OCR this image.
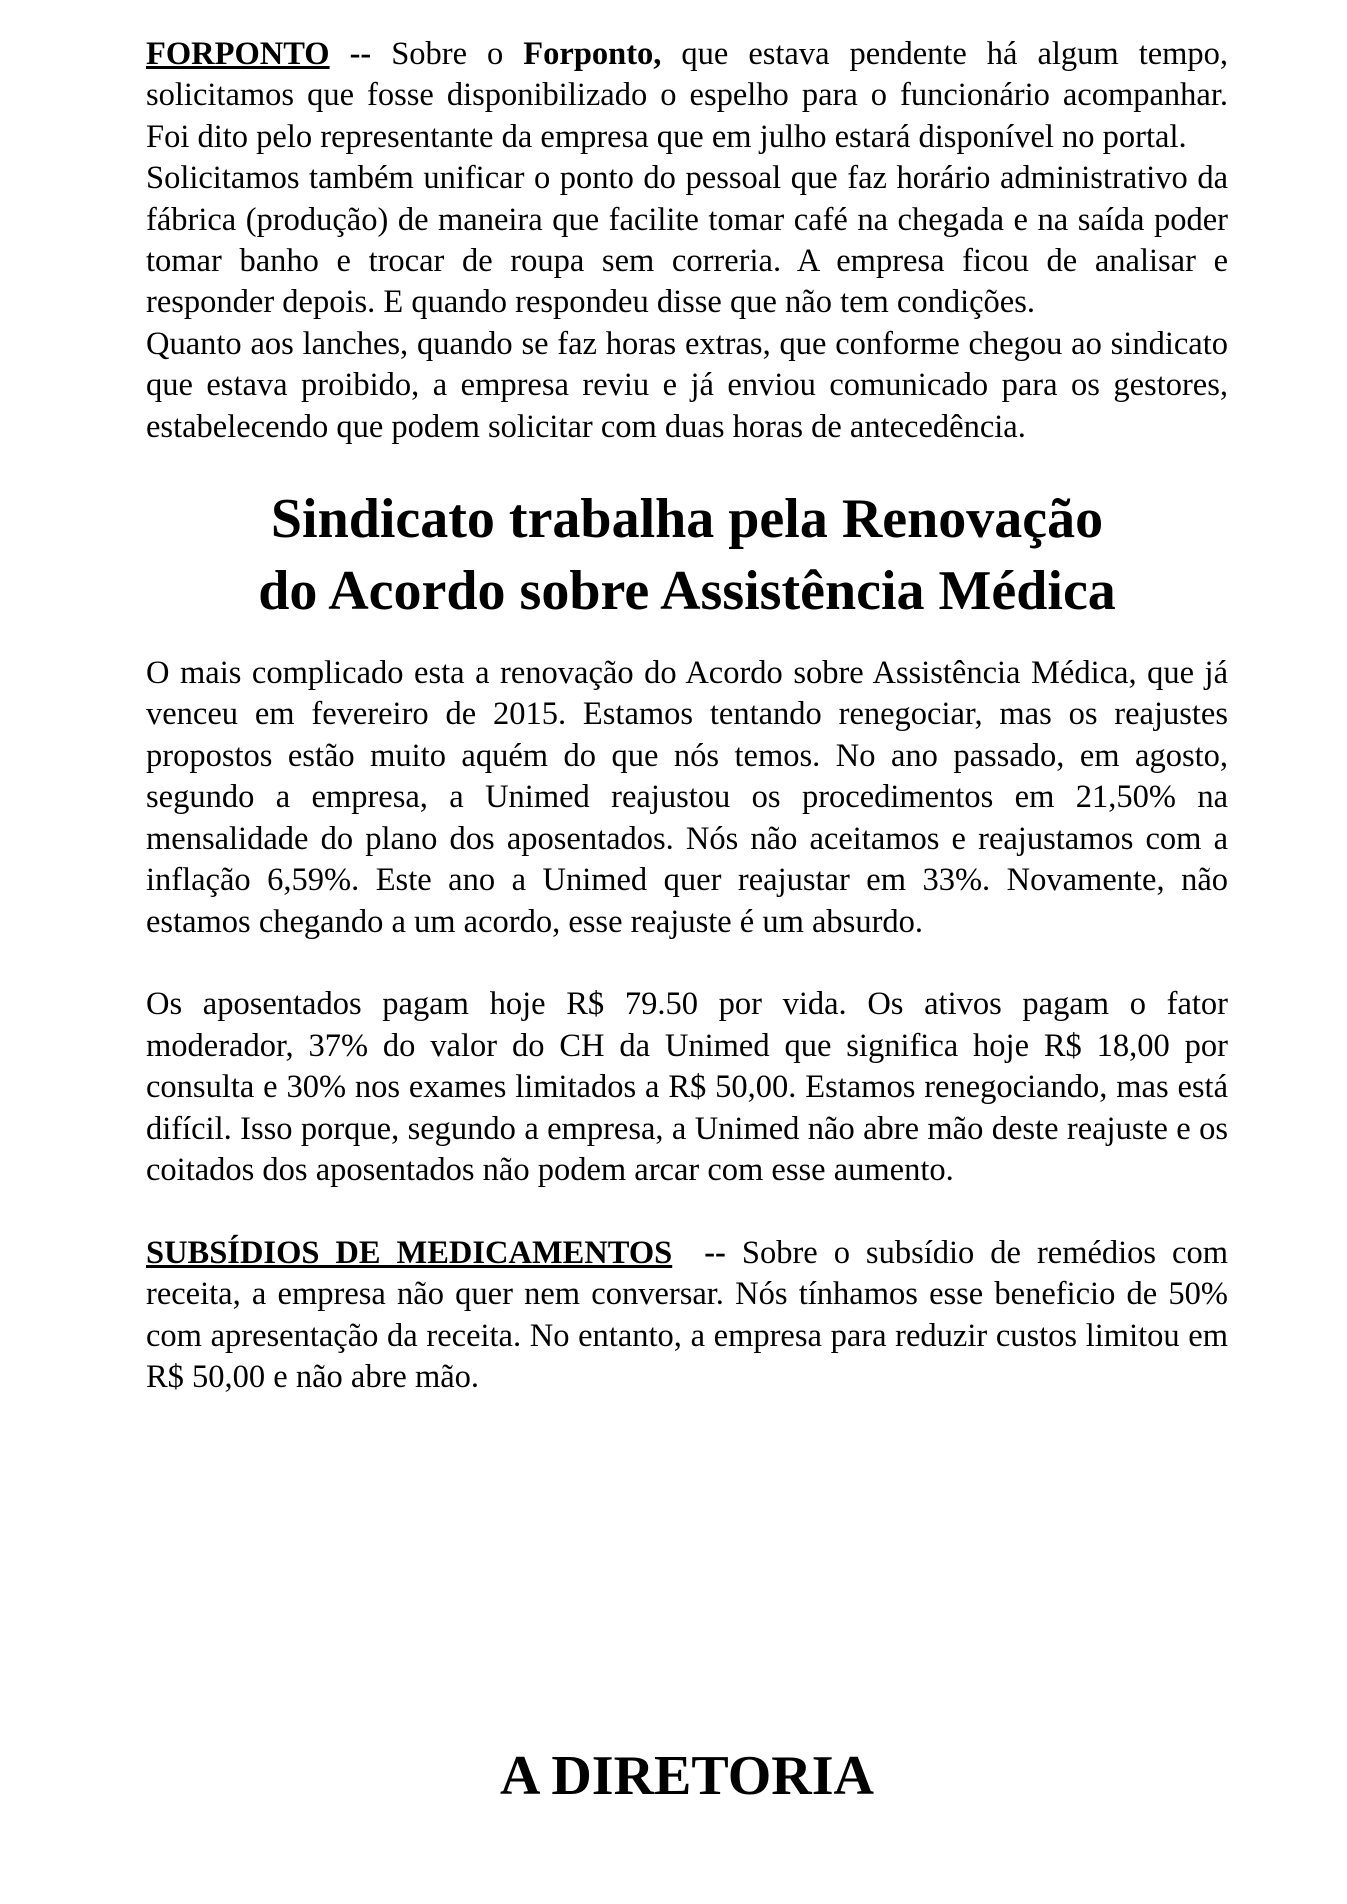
FORPONTO -- Sobre o Forponto, que estava pendente há algum tempo, solicitamos que fosse disponibilizado o espelho para o funcionário acompanhar. Foi dito pelo representante da empresa que em julho estará disponível no portal.

Solicitamos também unificar o ponto do pessoal que faz horário administrativo da fábrica (produção) de maneira que facilite tomar café na chegada e na saída poder tomar banho e trocar de roupa sem correria. A empresa ficou de analisar e responder depois. E quando respondeu disse que não tem condições.

Quanto aos lanches, quando se faz horas extras, que conforme chegou ao sindicato que estava proibido, a empresa reviu e já enviou comunicado para os gestores, estabelecendo que podem solicitar com duas horas de antecedência.

Sindicato trabalha pela Renovação
do Acordo sobre Assistência Médica

O mais complicado esta a renovação do Acordo sobre Assistência Médica, que já venceu em fevereiro de 2015. Estamos tentando renegociar, mas os reajustes propostos estão muito aquém do que nós temos. No ano passado, em agosto, segundo a empresa, a Unimed reajustou os procedimentos em 21,50% na mensalidade do plano dos aposentados. Nós não aceitamos e reajustamos com a inflação 6,59%. Este ano a Unimed quer reajustar em 33%. Novamente, não estamos chegando a um acordo, esse reajuste é um absurdo.

Os aposentados pagam hoje R$ 79.50 por vida. Os ativos pagam o fator moderador, 37% do valor do CH da Unimed que significa hoje R$ 18,00 por consulta e 30% nos exames limitados a R$ 50,00. Estamos renegociando, mas está difícil. Isso porque, segundo a empresa, a Unimed não abre mão deste reajuste e os coitados dos aposentados não podem arcar com esse aumento.

SUBSÍDIOS DE MEDICAMENTOS -- Sobre o subsídio de remédios com receita, a empresa não quer nem conversar. Nós tínhamos esse beneficio de 50% com apresentação da receita. No entanto, a empresa para reduzir custos limitou em R$ 50,00 e não abre mão.

A DIRETORIA
